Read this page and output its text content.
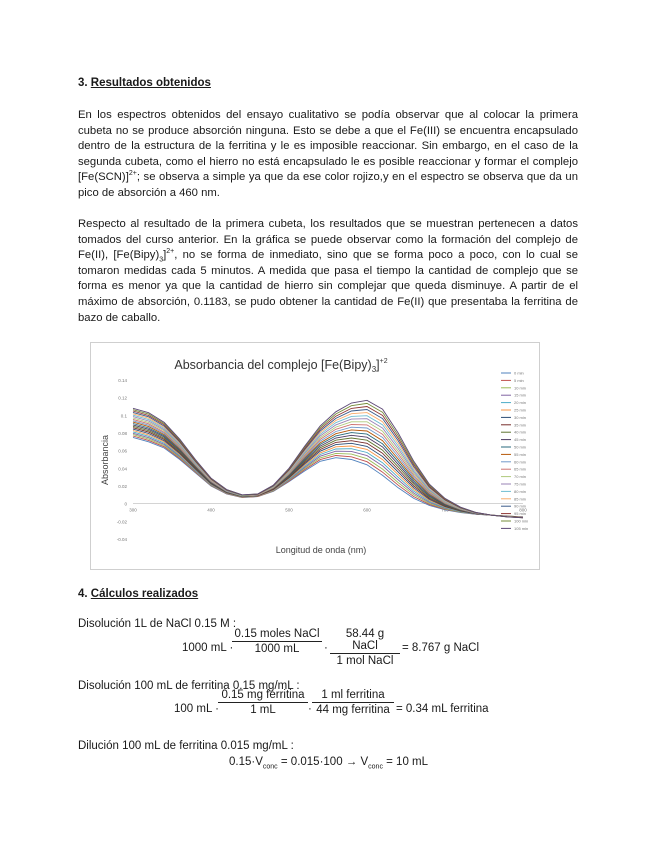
3. Resultados obtenidos

En los espectros obtenidos del ensayo cualitativo se podía observar que al colocar la primera cubeta no se produce absorción ninguna. Esto se debe a que el Fe(III) se encuentra encapsulado dentro de la estructura de la ferritina y le es imposible reaccionar. Sin embargo, en el caso de la segunda cubeta, como el hierro no está encapsulado le es posible reaccionar y formar el complejo $[Fe(SCN)]^{2+}$; se observa a simple ya que da ese color rojizo,y en el espectro se observa que da un pico de absorción a 460 nm.

Respecto al resultado de la primera cubeta, los resultados que se muestran pertenecen a datos tomados del curso anterior. En la gráfica se puede observar como la formación del complejo de Fe(II), $[Fe(Bipy)_3]^{2+}$, no se forma de inmediato, sino que se forma poco a poco, con lo cual se tomaron medidas cada 5 minutos. A medida que pasa el tiempo la cantidad de complejo que se forma es menor ya que la cantidad de hierro sin complejar que queda disminuye. A partir de el máximo de absorción, 0.1183, se pudo obtener la cantidad de Fe(II) que presentaba la ferritina de bazo de caballo.

Absorbancia del complejo $[Fe(Bipy)_3]^{+2}$
Absorbancia
Longitud de onda (nm)
0.14
0.12
0.1
0.08
0.06
0.04
0.02
0
-0.02
-0.04
300	400	500	600	700	800
0 min
5 min
10 min
15 min
20 min
25 min
30 min
35 min
40 min
45 min
50 min
55 min
60 min
65 min
70 min
75 min
80 min
85 min
90 min
95 min
100 min
105 min
4. Cálculos realizados
Disolución 1L de NaCl 0.15 M :
1000 mL ·
0.15 moles NaCl
1000 mL	·
58.44 g NaCl
1 mol NaCl
= 8.767 g NaCl
Disolución 100 mL de ferritina 0.15 mg/mL :
100 mL ·
0.15 mg ferritina
1 mL	·
1 ml ferritina
44 mg ferritina = 0.34 mL ferritina
Dilución 100 mL de ferritina 0.015 mg/mL :
$0.15\cdot V_{conc} = 0.015\cdot 100 \to V_{conc} = 10$ mL
